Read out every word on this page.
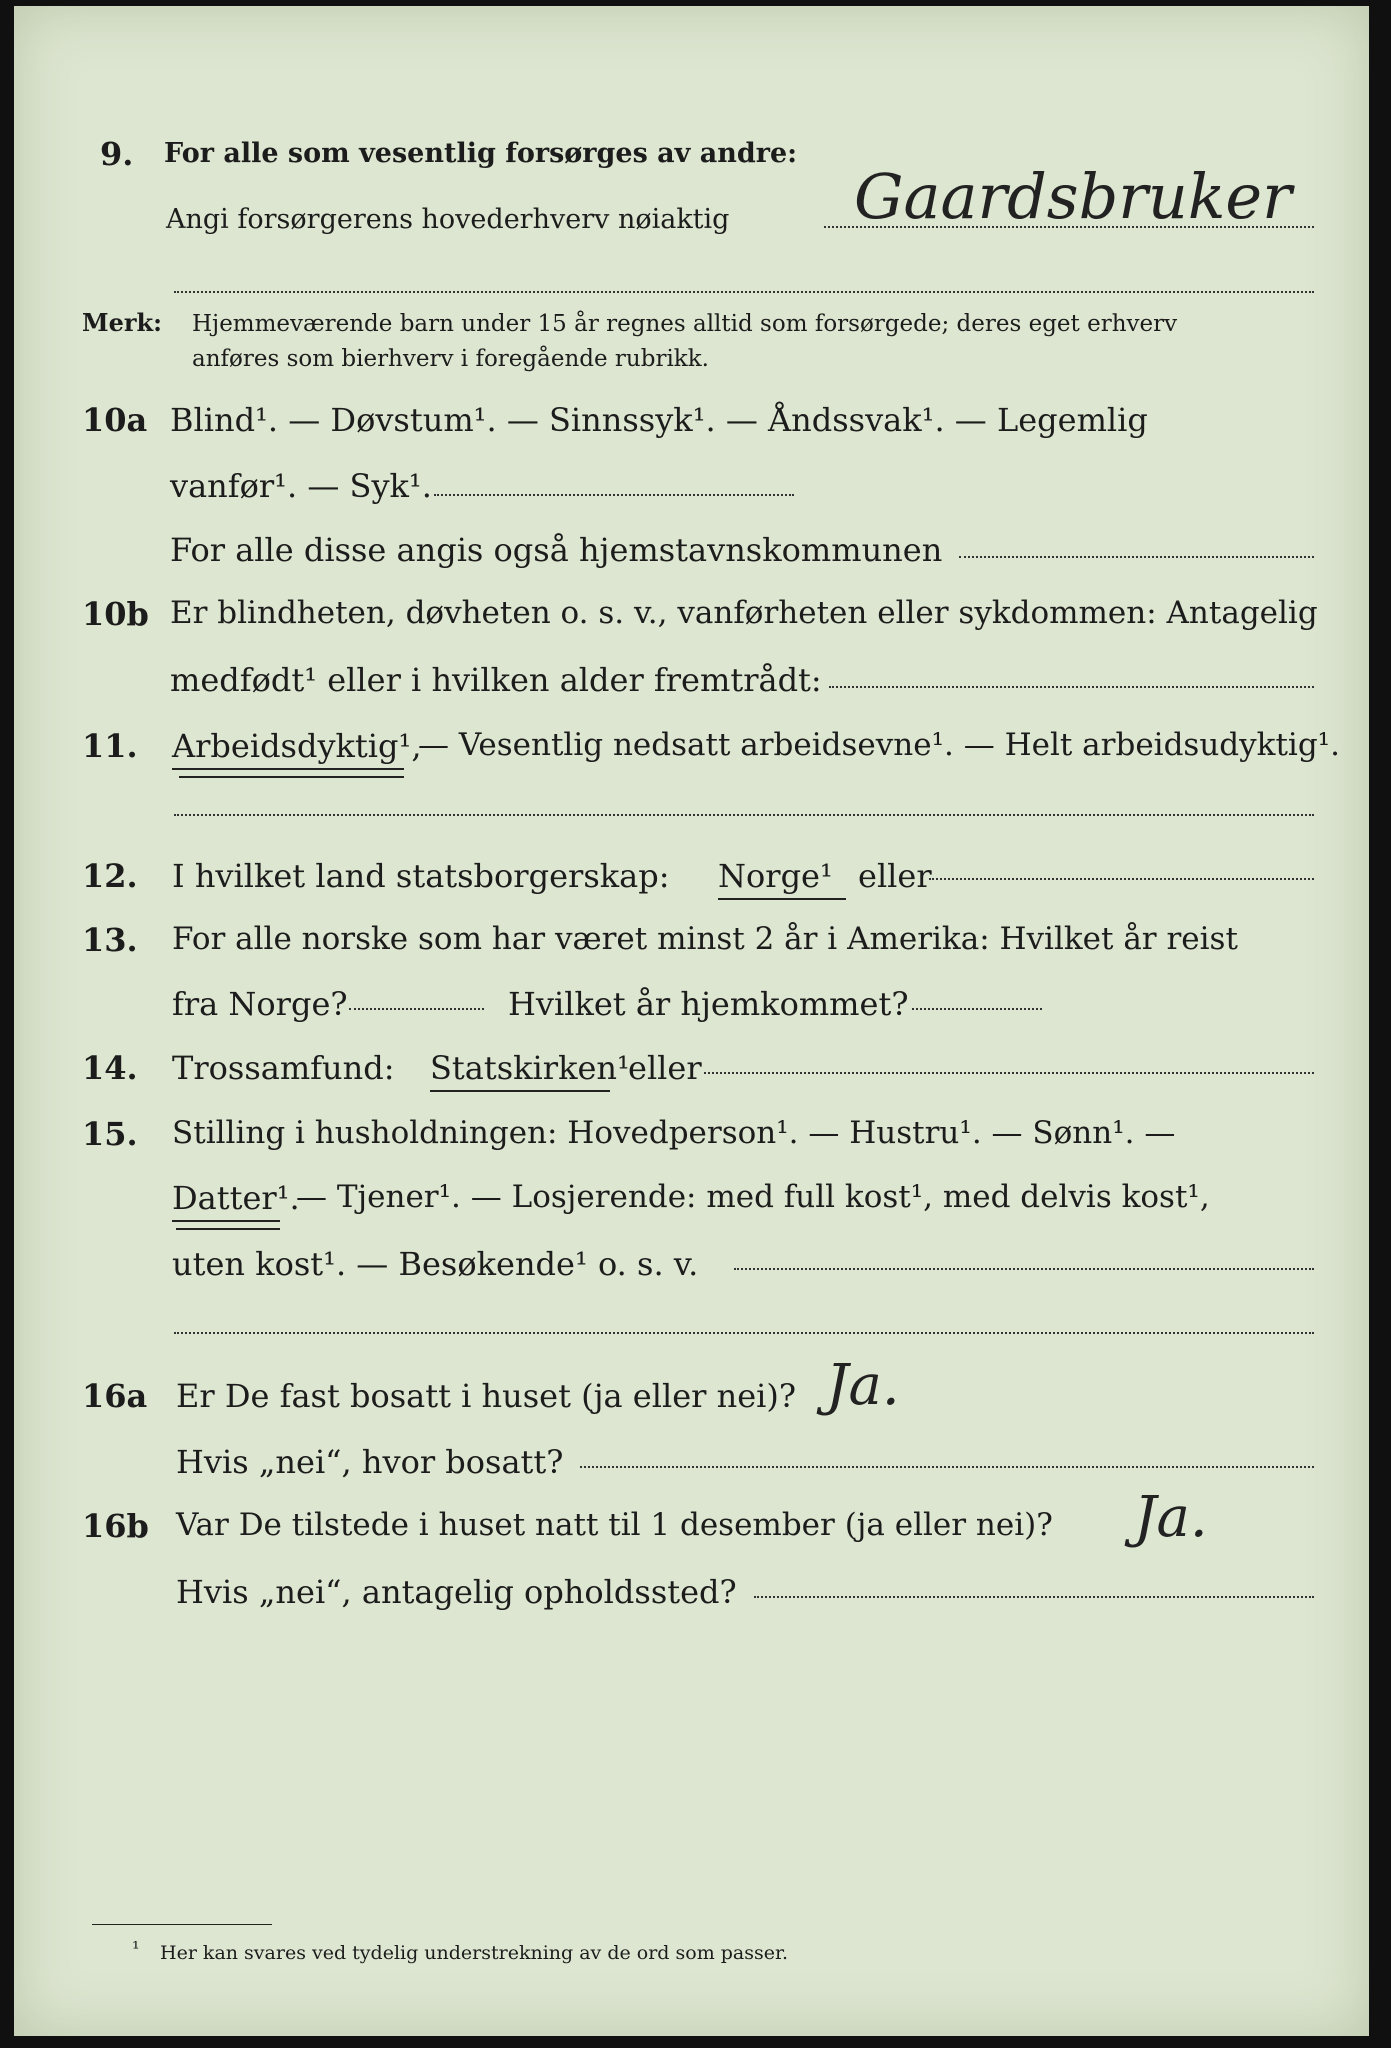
9. For alle som vesentlig forsørges av andre:
Angi forsørgerens hovederhverv nøiaktig Gaardsbruker
Merk: Hjemmeværende barn under 15 år regnes alltid som forsørgede; deres eget erhverv
anføres som bierhverv i foregående rubrikk.
10a Blind¹. — Døvstum¹. — Sinnssyk¹. — Åndssvak¹. — Legemlig
vanfør¹. — Syk¹.
For alle disse angis også hjemstavnskommunen
10b Er blindheten, døvheten o. s. v., vanførheten eller sykdommen: Antagelig
medfødt¹ eller i hvilken alder fremtrådt:
11. Arbeidsdyktig¹,
— Vesentlig nedsatt arbeidsevne¹. — Helt arbeidsudyktig¹.
12. I hvilket land statsborgerskap: Norge¹ eller
13. For alle norske som har været minst 2 år i Amerika: Hvilket år reist
fra Norge?	Hvilket år hjemkommet?
14. Trossamfund: Statskirken¹
eller
15. Stilling i husholdningen: Hovedperson¹. — Hustru¹. — Sønn¹. —
Datter¹.
— Tjener¹. — Losjerende: med full kost¹, med delvis kost¹,
uten kost¹. — Besøkende¹ o. s. v.
16a Er De fast bosatt i huset (ja eller nei)? Ja.
Hvis „nei“, hvor bosatt?
16b Var De tilstede i huset natt til 1 desember (ja eller nei)? Ja.
Hvis „nei“, antagelig opholdssted?
¹ Her kan svares ved tydelig understrekning av de ord som passer.
